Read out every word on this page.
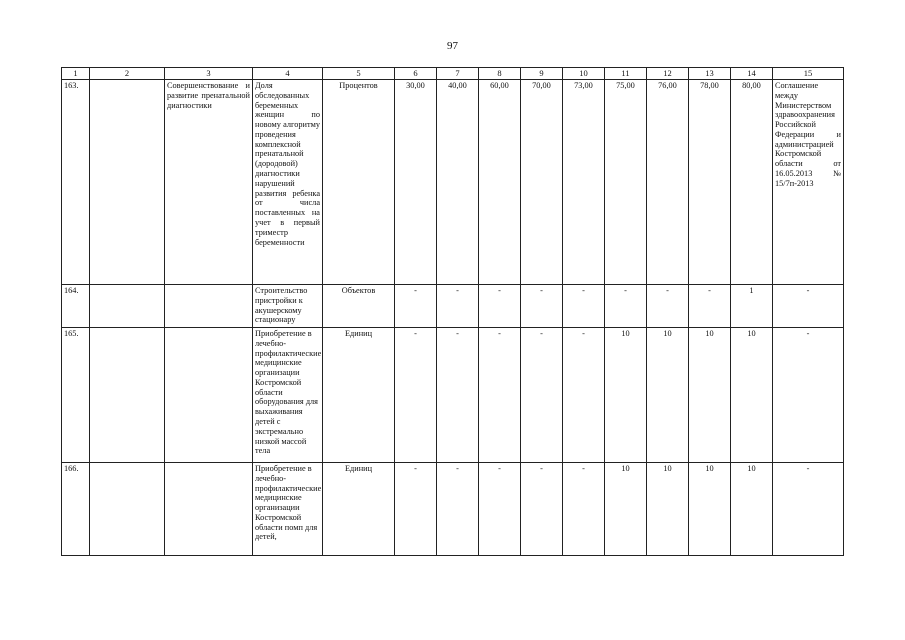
97
1	2	3	4	5	6	7	8	9	10	11	12	13	14	15
163.		Совершенствование и развитие пренатальной диагностики	Доля обследованных беременных женщин по новому алгоритму проведения комплексной пренатальной (дородовой) диагностики нарушений развития ребенка от числа поставленных на учет в первый триместр беременности	Процентов	30,00	40,00	60,00	70,00	73,00	75,00	76,00	78,00	80,00	Соглашение между Министерством здравоохранения Российской Федерации и администрацией Костромской области от 16.05.2013 № 15/7п-2013
164.			Строительство пристройки к акушерскому стационару	Объектов	-	-	-	-	-	-	-	-	1	-
165.			Приобретение в лечебно-профилактические медицинские организации Костромской области оборудования для выхаживания детей с экстремально низкой массой тела	Единиц	-	-	-	-	-	10	10	10	10	-
166.			Приобретение в лечебно-профилактические медицинские организации Костромской области помп для детей,	Единиц	-	-	-	-	-	10	10	10	10	-
